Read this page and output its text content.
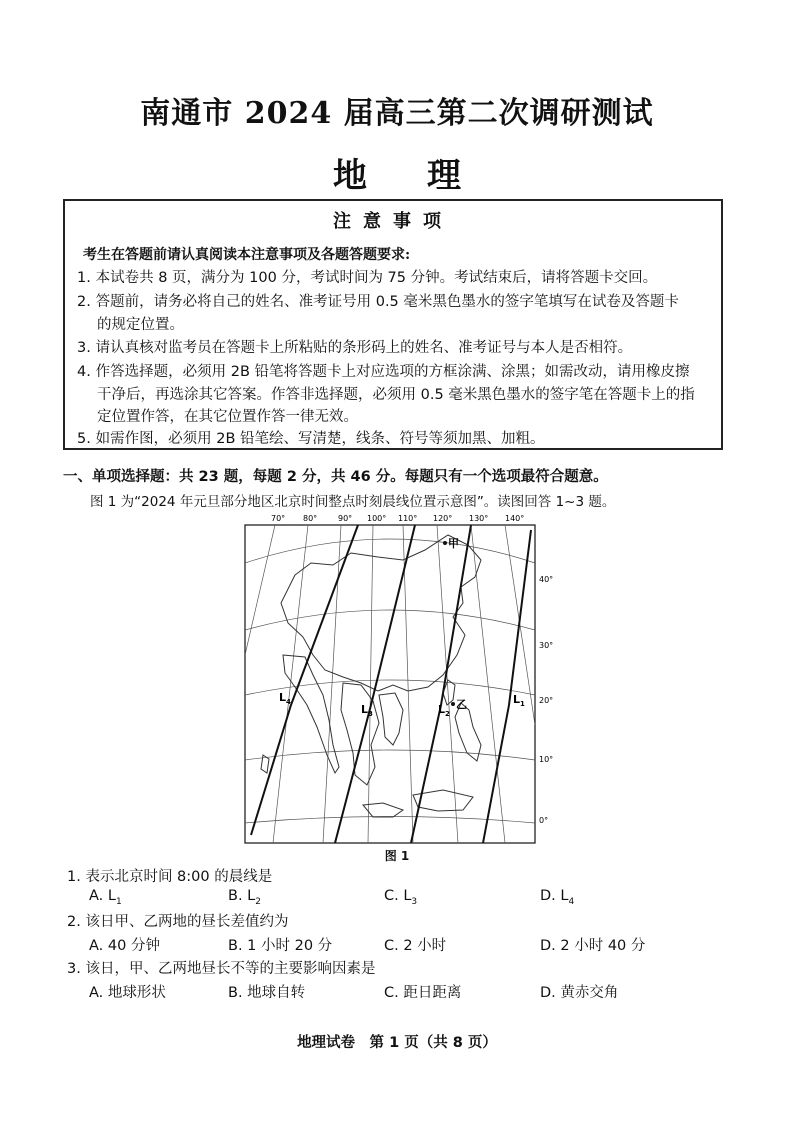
南通市 2024 届高三第二次调研测试
地理
注意事项
考生在答题前请认真阅读本注意事项及各题答题要求:
1. 本试卷共 8 页，满分为 100 分，考试时间为 75 分钟。考试结束后，请将答题卡交回。
2. 答题前，请务必将自己的姓名、准考证号用 0.5 毫米黑色墨水的签字笔填写在试卷及答题卡
的规定位置。
3. 请认真核对监考员在答题卡上所粘贴的条形码上的姓名、准考证号与本人是否相符。
4. 作答选择题，必须用 2B 铅笔将答题卡上对应选项的方框涂满、涂黑；如需改动，请用橡皮擦
干净后，再选涂其它答案。作答非选择题，必须用 0.5 毫米黑色墨水的签字笔在答题卡上的指
定位置作答，在其它位置作答一律无效。
5. 如需作图，必须用 2B 铅笔绘、写清楚，线条、符号等须加黑、加粗。
一、单项选择题：共 23 题，每题 2 分，共 46 分。每题只有一个选项最符合题意。
图 1 为“2024 年元旦部分地区北京时间整点时刻晨线位置示意图”。读图回答 1~3 题。
70° 80°	90° 100° 110° 120° 130° 140°
40°
30°
20°
10°
0°
甲
乙	$L_1$
$L_2$
$L_3$
$L_4$
图 1
1. 表示北京时间 8:00 的晨线是
A. $L_1$	B. $L_2$	C. $L_3$	D. $L_4$
2. 该日甲、乙两地的昼长差值约为
A. 40 分钟	B. 1 小时 20 分	C. 2 小时	D. 2 小时 40 分
3. 该日，甲、乙两地昼长不等的主要影响因素是
A. 地球形状	B. 地球自转	C. 距日距离	D. 黄赤交角
地理试卷　第 1 页（共 8 页）
